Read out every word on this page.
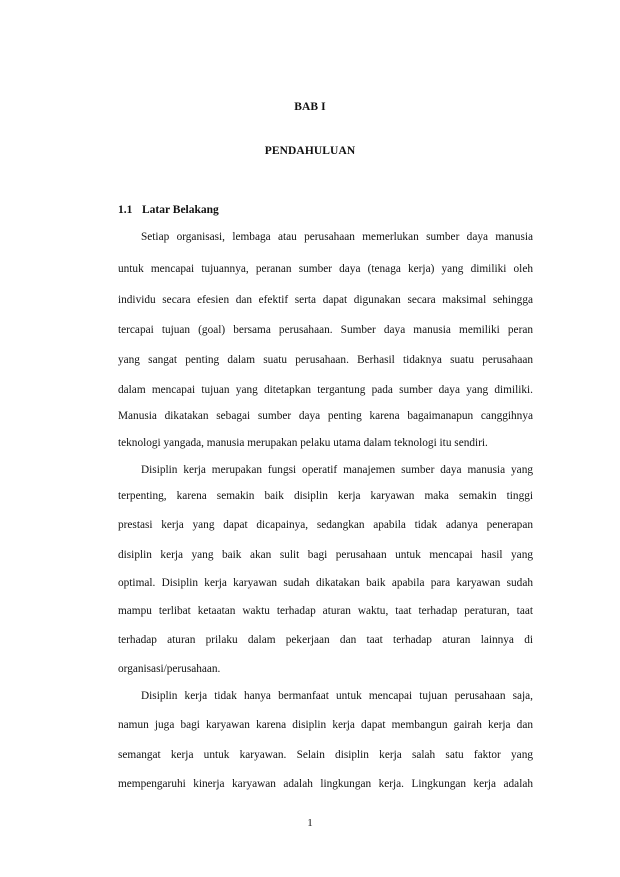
BAB I
PENDAHULUAN
1.1 Latar Belakang
Setiap organisasi, lembaga atau perusahaan memerlukan sumber daya manusia
untuk mencapai tujuannya, peranan sumber daya (tenaga kerja) yang dimiliki oleh
individu secara efesien dan efektif serta dapat digunakan secara maksimal sehingga
tercapai tujuan (goal) bersama perusahaan. Sumber daya manusia memiliki peran
yang sangat penting dalam suatu perusahaan. Berhasil tidaknya suatu perusahaan
dalam mencapai tujuan yang ditetapkan tergantung pada sumber daya yang dimiliki.
Manusia dikatakan sebagai sumber daya penting karena bagaimanapun canggihnya
teknologi yangada, manusia merupakan pelaku utama dalam teknologi itu sendiri.
Disiplin kerja merupakan fungsi operatif manajemen sumber daya manusia yang
terpenting, karena semakin baik disiplin kerja karyawan maka semakin tinggi
prestasi kerja yang dapat dicapainya, sedangkan apabila tidak adanya penerapan
disiplin kerja yang baik akan sulit bagi perusahaan untuk mencapai hasil yang
optimal. Disiplin kerja karyawan sudah dikatakan baik apabila para karyawan sudah
mampu terlibat ketaatan waktu terhadap aturan waktu, taat terhadap peraturan, taat
terhadap aturan prilaku dalam pekerjaan dan taat terhadap aturan lainnya di
organisasi/perusahaan.
Disiplin kerja tidak hanya bermanfaat untuk mencapai tujuan perusahaan saja,
namun juga bagi karyawan karena disiplin kerja dapat membangun gairah kerja dan
semangat kerja untuk karyawan. Selain disiplin kerja salah satu faktor yang
mempengaruhi kinerja karyawan adalah lingkungan kerja. Lingkungan kerja adalah
1
